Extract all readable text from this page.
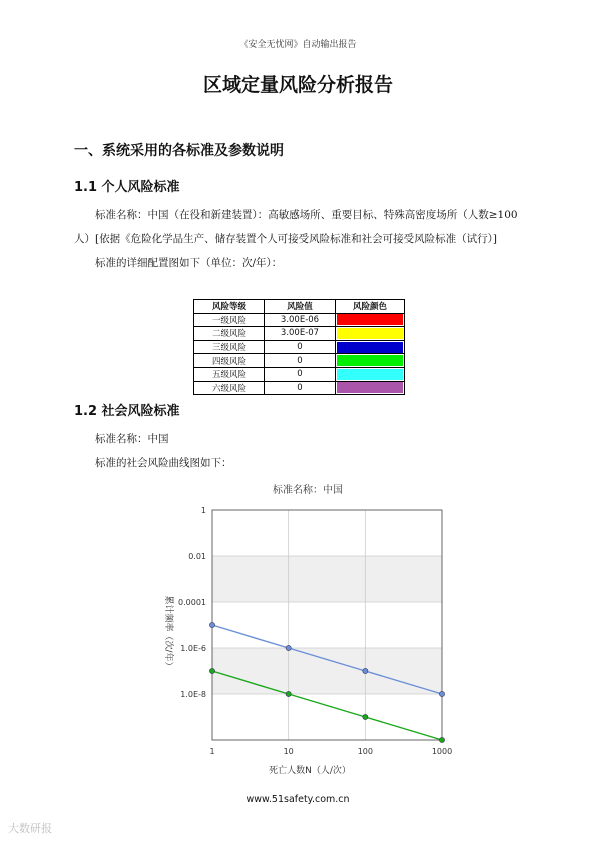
《安全无忧网》自动输出报告
区域定量风险分析报告
一、系统采用的各标准及参数说明
1.1 个人风险标准

标准名称：中国（在役和新建装置）：高敏感场所、重要目标、特殊高密度场所（人数≥100人）[依据《危险化学品生产、储存装置个人可接受风险标准和社会可接受风险标准（试行）]

标准的详细配置图如下（单位：次/年）：

风险等级	风险值	风险颜色
一级风险	3.00E-06	

二级风险	3.00E-07	

三级风险	0	

四级风险	0	

五级风险	0	

六级风险	0	
1.2 社会风险标准

标准名称：中国

标准的社会风险曲线图如下：

标准名称：中国
1
0.01
0.0001
1.0E-6
1.0E-8
1	10	100	1000
累计频率（次/年）
死亡人数N（人/次）
www.51safety.com.cn
大数研报
